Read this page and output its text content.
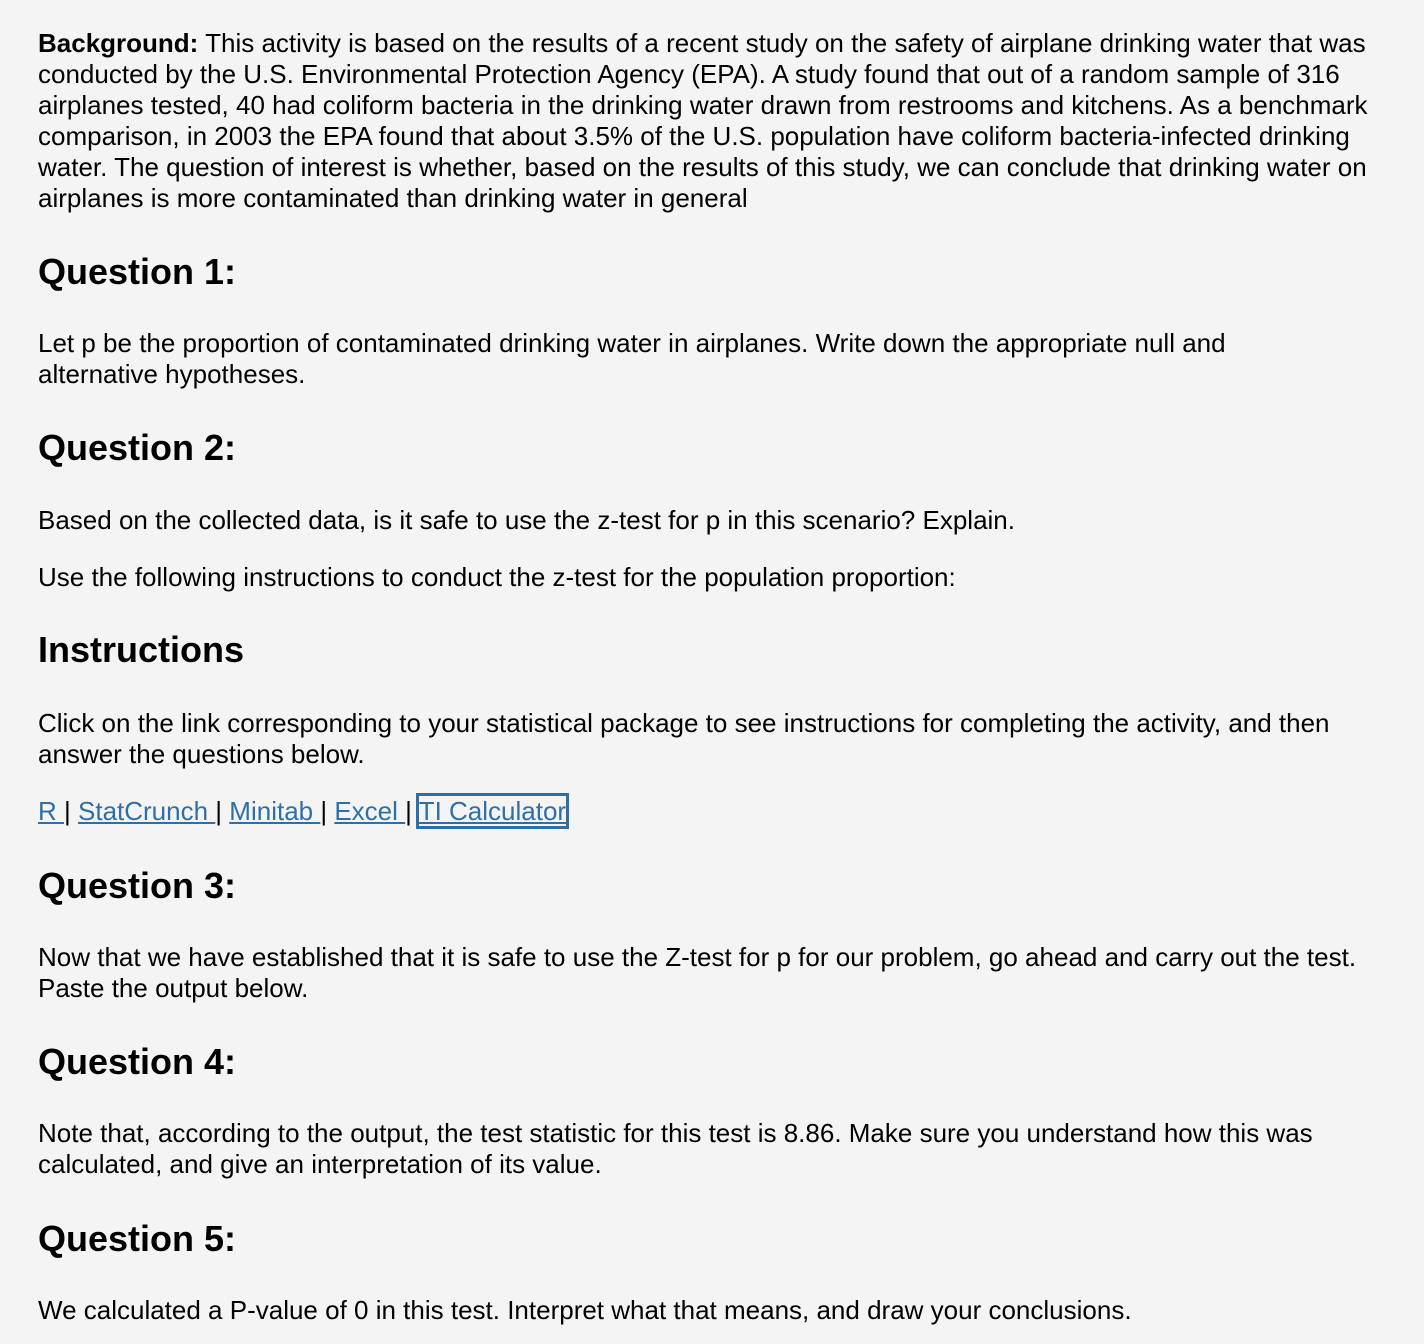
Background: This activity is based on the results of a recent study on the safety of airplane drinking water that was conducted by the U.S. Environmental Protection Agency (EPA). A study found that out of a random sample of 316 airplanes tested, 40 had coliform bacteria in the drinking water drawn from restrooms and kitchens. As a benchmark comparison, in 2003 the EPA found that about 3.5% of the U.S. population have coliform bacteria-infected drinking water. The question of interest is whether, based on the results of this study, we can conclude that drinking water on airplanes is more contaminated than drinking water in general

Question 1:

Let p be the proportion of contaminated drinking water in airplanes. Write down the appropriate null and alternative hypotheses.

Question 2:

Based on the collected data, is it safe to use the z-test for p in this scenario? Explain.

Use the following instructions to conduct the z-test for the population proportion:

Instructions

Click on the link corresponding to your statistical package to see instructions for completing the activity, and then answer the questions below.

R | StatCrunch | Minitab | Excel | TI Calculator
Question 3:

Now that we have established that it is safe to use the Z-test for p for our problem, go ahead and carry out the test. Paste the output below.

Question 4:

Note that, according to the output, the test statistic for this test is 8.86. Make sure you understand how this was calculated, and give an interpretation of its value.

Question 5:

We calculated a P-value of 0 in this test. Interpret what that means, and draw your conclusions.
